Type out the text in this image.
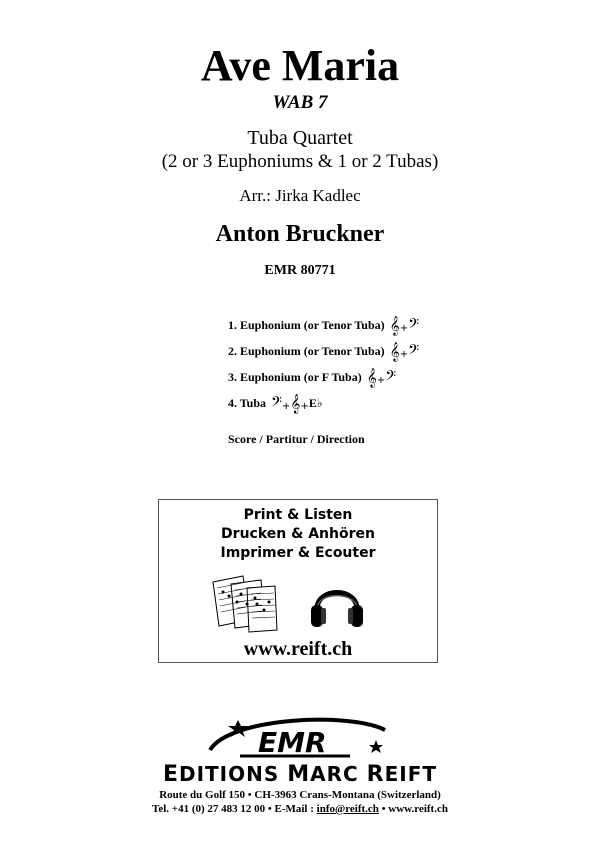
Ave Maria
WAB 7
Tuba Quartet
(2 or 3 Euphoniums & 1 or 2 Tubas)
Arr.: Jirka Kadlec
Anton Bruckner
EMR 80771
1. Euphonium (or Tenor Tuba) 𝄞+𝄢
2. Euphonium (or Tenor Tuba) 𝄞+𝄢
3. Euphonium (or F Tuba) 𝄞+𝄢
4. Tuba 𝄢+𝄞+E♭
Score / Partitur / Direction
Print & Listen
Drucken & Anhören
Imprimer & Ecouter
www.reift.ch
EMR
EDITIONS MARC REIFT
Route du Golf 150 • CH-3963 Crans-Montana (Switzerland)
Tel. +41 (0) 27 483 12 00 • E-Mail : info@reift.ch • www.reift.ch
